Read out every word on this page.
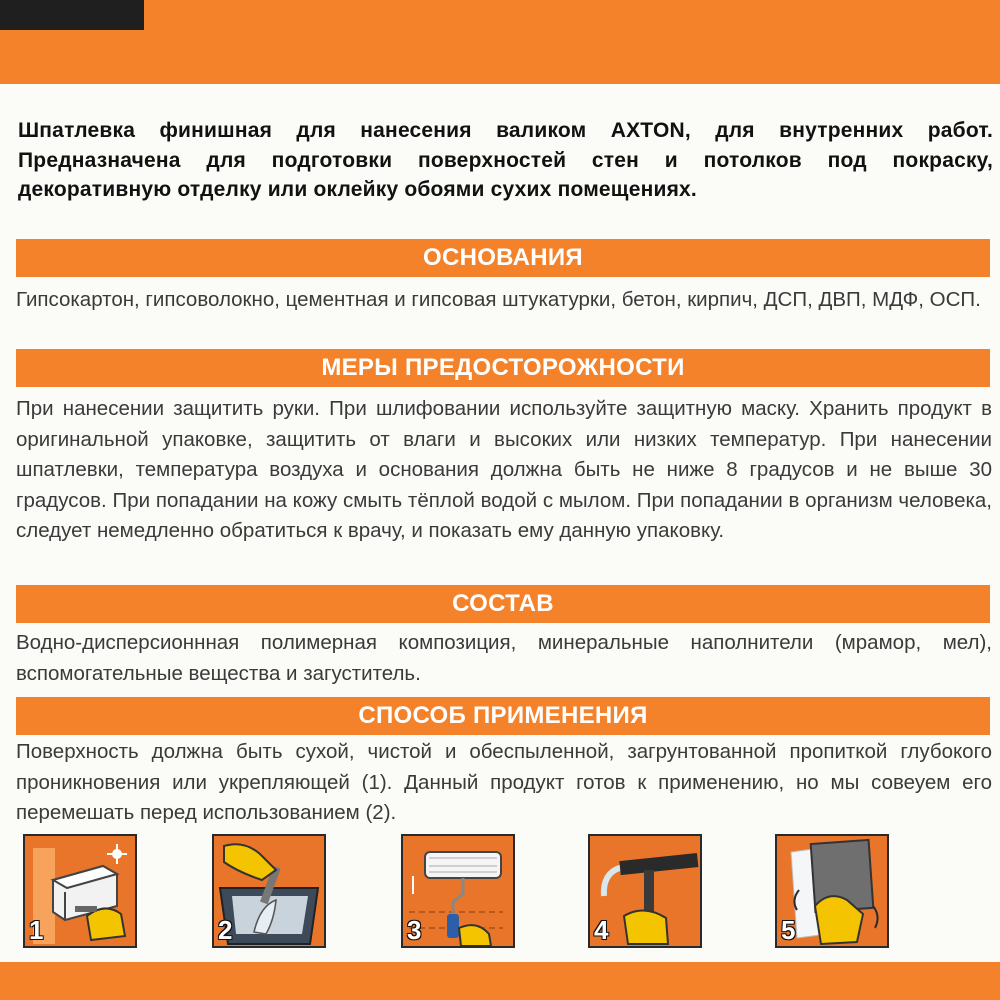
Шпатлевка финишная для нанесения валиком AXTON, для внутренних работ. Предназначена для подготовки поверхностей стен и потолков под покраску, декоративную отделку или оклейку обоями сухих помещениях.
ОСНОВАНИЯ
Гипсокартон, гипсоволокно, цементная и гипсовая штукатурки, бетон, кирпич, ДСП, ДВП, МДФ, ОСП.
МЕРЫ ПРЕДОСТОРОЖНОСТИ
При нанесении защитить руки. При шлифовании используйте защитную маску. Хранить продукт в оригинальной упаковке, защитить от влаги и высоких или низких температур. При нанесении шпатлевки, температура воздуха и основания должна быть не ниже 8 градусов и не выше 30 градусов. При попадании на кожу смыть тёплой водой с мылом. При попадании в организм человека, следует немедленно обратиться к врачу, и показать ему данную упаковку.
СОСТАВ
Водно-дисперсионнная полимерная композиция, минеральные наполнители (мрамор, мел), вспомогательные вещества и загуститель.
СПОСОБ ПРИМЕНЕНИЯ
Поверхность должна быть сухой, чистой и обеспыленной, загрунтованной пропиткой глубокого проникновения или укрепляющей (1). Данный продукт готов к применению, но мы совеуем его перемешать перед использованием (2).
1	2	3	4	5
